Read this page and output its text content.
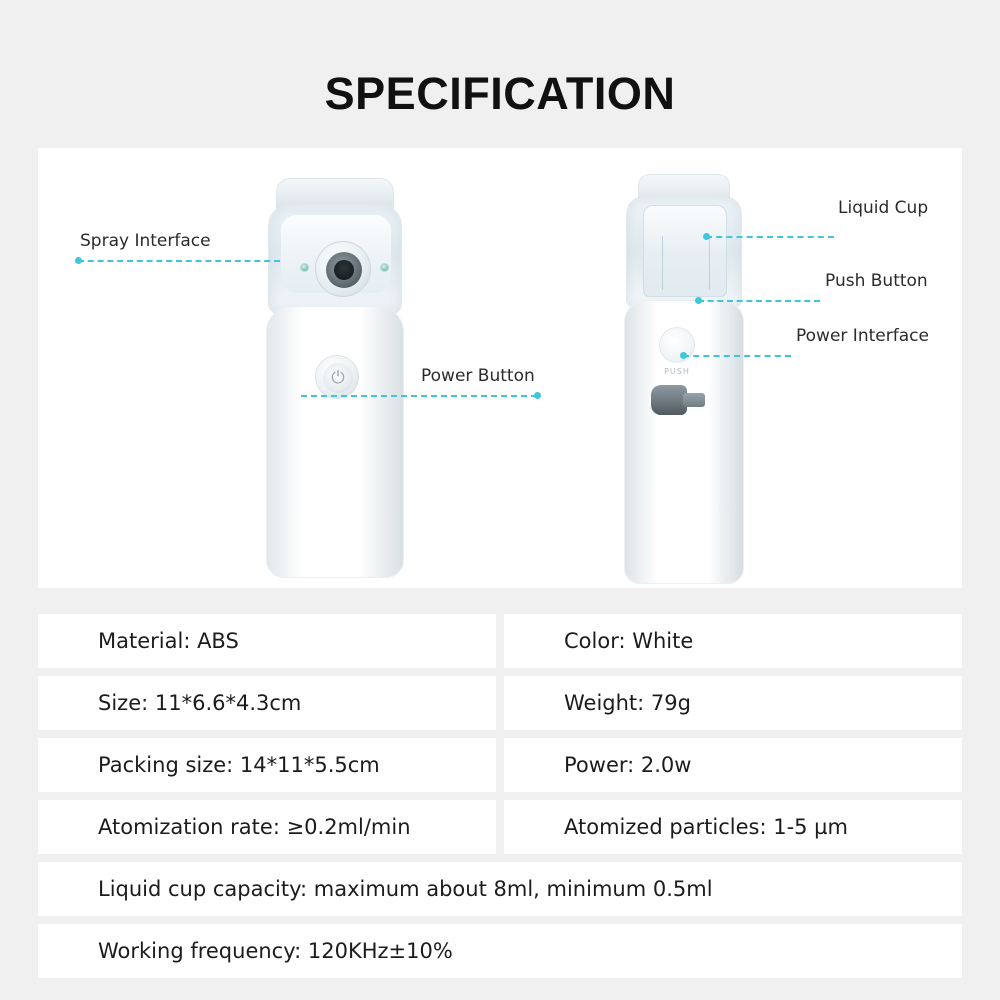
SPECIFICATION
⏻	PUSH
Spray Interface
Power Button
Liquid Cup
Push Button
Power Interface
Material: ABS	Color: White
Size: 11*6.6*4.3cm	Weight: 79g
Packing size: 14*11*5.5cm	Power: 2.0w
Atomization rate: ≥0.2ml/min	Atomized particles: 1-5 µm
Liquid cup capacity: maximum about 8ml, minimum 0.5ml
Working frequency: 120KHz±10%
